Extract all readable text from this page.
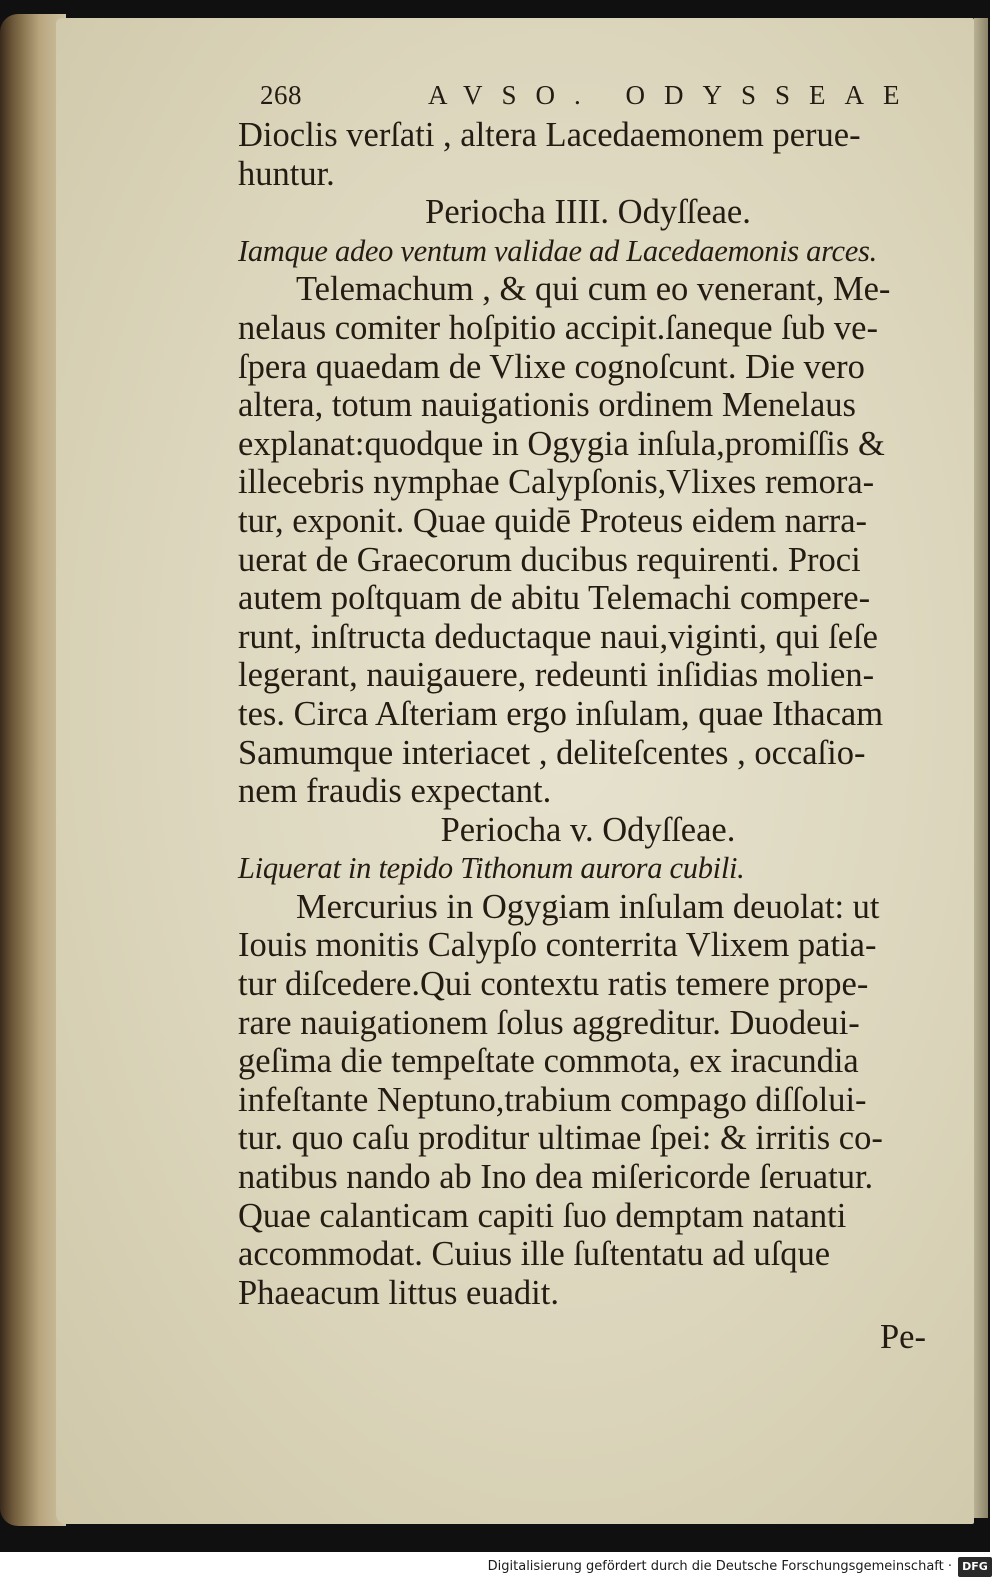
268	AVSO. ODYSSEAE
Dioclis verſati , altera Lacedaemonem perue-
huntur.
Periocha IIII. Odyſſeae.
Iamque adeo ventum validae ad Lacedaemonis arces.
Telemachum , & qui cum eo venerant, Me-
nelaus comiter hoſpitio accipit.ſaneque ſub ve-
ſpera quaedam de Vlixe cognoſcunt. Die vero
altera, totum nauigationis ordinem Menelaus
explanat:quodque in Ogygia inſula,promiſſis &
illecebris nymphae Calypſonis,Vlixes remora-
tur, exponit. Quae quidē Proteus eidem narra-
uerat de Graecorum ducibus requirenti. Proci
autem poſtquam de abitu Telemachi compere-
runt, inſtructa deductaque naui,viginti, qui ſeſe
legerant, nauigauere, redeunti inſidias molien-
tes. Circa Aſteriam ergo inſulam, quae Ithacam
Samumque interiacet , deliteſcentes , occaſio-
nem fraudis expectant.
Periocha v. Odyſſeae.
Liquerat in tepido Tithonum aurora cubili.
Mercurius in Ogygiam inſulam deuolat: ut
Iouis monitis Calypſo conterrita Vlixem patia-
tur diſcedere.Qui contextu ratis temere prope-
rare nauigationem ſolus aggreditur. Duodeui-
geſima die tempeſtate commota, ex iracundia
infeſtante Neptuno,trabium compago diſſolui-
tur. quo caſu proditur ultimae ſpei: & irritis co-
natibus nando ab Ino dea miſericorde ſeruatur.
Quae calanticam capiti ſuo demptam natanti
accommodat. Cuius ille ſuſtentatu ad uſque
Phaeacum littus euadit.
Pe-
Digitalisierung gefördert durch die Deutsche Forschungsgemeinschaft · DFG
